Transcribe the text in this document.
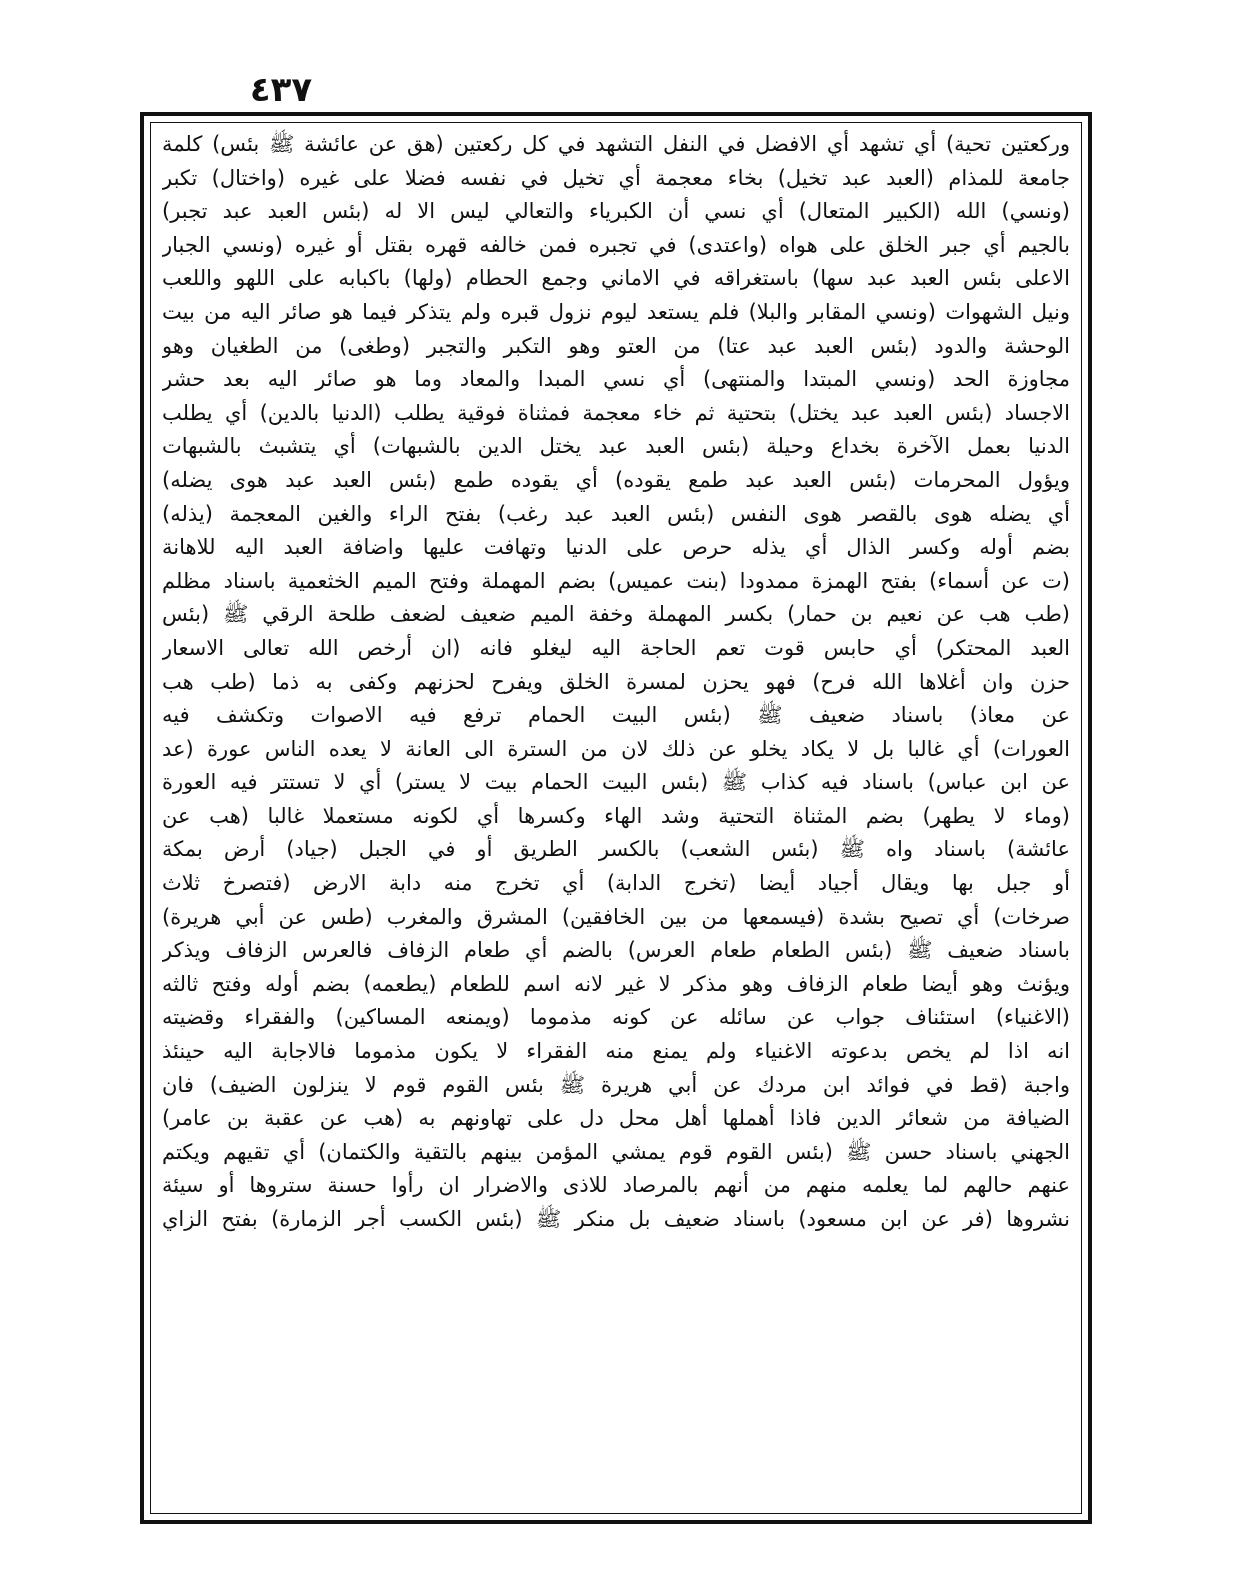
٤٣٧
وركعتين تحية) أي تشهد أي الافضل في النفل التشهد في كل ركعتين (هق عن عائشة ﷺ بئس) كلمة
جامعة للمذام (العبد عبد تخيل) بخاء معجمة أي تخيل في نفسه فضلا على غيره (واختال) تكبر
(ونسي) الله (الكبير المتعال) أي نسي أن الكبرياء والتعالي ليس الا له (بئس العبد عبد تجبر)
بالجيم أي جبر الخلق على هواه (واعتدى) في تجبره فمن خالفه قهره بقتل أو غيره (ونسي الجبار
الاعلى بئس العبد عبد سها) باستغراقه في الاماني وجمع الحطام (ولها) باكبابه على اللهو واللعب
ونيل الشهوات (ونسي المقابر والبلا) فلم يستعد ليوم نزول قبره ولم يتذكر فيما هو صائر اليه من بيت
الوحشة والدود (بئس العبد عبد عتا) من العتو وهو التكبر والتجبر (وطغى) من الطغيان وهو
مجاوزة الحد (ونسي المبتدا والمنتهى) أي نسي المبدا والمعاد وما هو صائر اليه بعد حشر
الاجساد (بئس العبد عبد يختل) بتحتية ثم خاء معجمة فمثناة فوقية يطلب (الدنيا بالدين) أي يطلب
الدنيا بعمل الآخرة بخداع وحيلة (بئس العبد عبد يختل الدين بالشبهات) أي يتشبث بالشبهات
ويؤول المحرمات (بئس العبد عبد طمع يقوده) أي يقوده طمع (بئس العبد عبد هوى يضله)
أي يضله هوى بالقصر هوى النفس (بئس العبد عبد رغب) بفتح الراء والغين المعجمة (يذله)
بضم أوله وكسر الذال أي يذله حرص على الدنيا وتهافت عليها واضافة العبد اليه للاهانة
(ت عن أسماء) بفتح الهمزة ممدودا (بنت عميس) بضم المهملة وفتح الميم الخثعمية باسناد مظلم
(طب هب عن نعيم بن حمار) بكسر المهملة وخفة الميم ضعيف لضعف طلحة الرقي ﷺ (بئس
العبد المحتكر) أي حابس قوت تعم الحاجة اليه ليغلو فانه (ان أرخص الله تعالى الاسعار
حزن وان أغلاها الله فرح) فهو يحزن لمسرة الخلق ويفرح لحزنهم وكفى به ذما (طب هب
عن معاذ) باسناد ضعيف ﷺ (بئس البيت الحمام ترفع فيه الاصوات وتكشف فيه
العورات) أي غالبا بل لا يكاد يخلو عن ذلك لان من السترة الى العانة لا يعده الناس عورة (عد
عن ابن عباس) باسناد فيه كذاب ﷺ (بئس البيت الحمام بيت لا يستر) أي لا تستتر فيه العورة
(وماء لا يطهر) بضم المثناة التحتية وشد الهاء وكسرها أي لكونه مستعملا غالبا (هب عن
عائشة) باسناد واه ﷺ (بئس الشعب) بالكسر الطريق أو في الجبل (جياد) أرض بمكة
أو جبل بها ويقال أجياد أيضا (تخرج الدابة) أي تخرج منه دابة الارض (فتصرخ ثلاث
صرخات) أي تصيح بشدة (فيسمعها من بين الخافقين) المشرق والمغرب (طس عن أبي هريرة)
باسناد ضعيف ﷺ (بئس الطعام طعام العرس) بالضم أي طعام الزفاف فالعرس الزفاف ويذكر
ويؤنث وهو أيضا طعام الزفاف وهو مذكر لا غير لانه اسم للطعام (يطعمه) بضم أوله وفتح ثالثه
(الاغنياء) استئناف جواب عن سائله عن كونه مذموما (ويمنعه المساكين) والفقراء وقضيته
انه اذا لم يخص بدعوته الاغنياء ولم يمنع منه الفقراء لا يكون مذموما فالاجابة اليه حينئذ
واجبة (قط في فوائد ابن مردك عن أبي هريرة ﷺ بئس القوم قوم لا ينزلون الضيف) فان
الضيافة من شعائر الدين فاذا أهملها أهل محل دل على تهاونهم به (هب عن عقبة بن عامر)
الجهني باسناد حسن ﷺ (بئس القوم قوم يمشي المؤمن بينهم بالتقية والكتمان) أي تقيهم ويكتم
عنهم حالهم لما يعلمه منهم من أنهم بالمرصاد للاذى والاضرار ان رأوا حسنة ستروها أو سيئة
نشروها (فر عن ابن مسعود) باسناد ضعيف بل منكر ﷺ (بئس الكسب أجر الزمارة) بفتح الزاي
